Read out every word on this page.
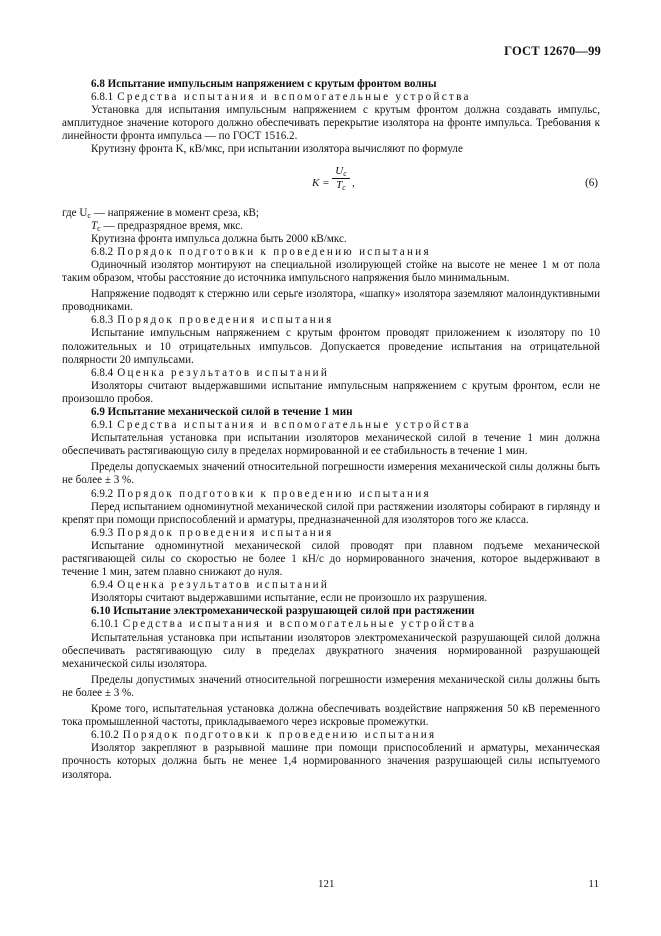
ГОСТ 12670—99

6.8 Испытание импульсным напряжением с крутым фронтом волны

6.8.1 Средства испытания и вспомогательные устройства

Установка для испытания импульсным напряжением с крутым фронтом должна создавать импульс, амплитудное значение которого должно обеспечивать перекрытие изолятора на фронте импульса. Требования к линейности фронта импульса — по ГОСТ 1516.2.

Крутизну фронта K, кВ/мкс, при испытании изолятора вычисляют по формуле

K =
$U_с$
$T_с$ ,	(6)

где $U_с$ — напряжение в момент среза, кВ;

$T_с$ — предразрядное время, мкс.

Крутизна фронта импульса должна быть 2000 кВ/мкс.

6.8.2 Порядок подготовки к проведению испытания

Одиночный изолятор монтируют на специальной изолирующей стойке на высоте не менее 1 м от пола таким образом, чтобы расстояние до источника импульсного напряжения было минимальным.

Напряжение подводят к стержню или серьге изолятора, «шапку» изолятора заземляют малоиндуктивными проводниками.

6.8.3 Порядок проведения испытания

Испытание импульсным напряжением с крутым фронтом проводят приложением к изолятору по 10 положительных и 10 отрицательных импульсов. Допускается проведение испытания на отрицательной полярности 20 импульсами.

6.8.4 Оценка результатов испытаний

Изоляторы считают выдержавшими испытание импульсным напряжением с крутым фронтом, если не произошло пробоя.

6.9 Испытание механической силой в течение 1 мин

6.9.1 Средства испытания и вспомогательные устройства

Испытательная установка при испытании изоляторов механической силой в течение 1 мин должна обеспечивать растягивающую силу в пределах нормированной и ее стабильность в течение 1 мин.

Пределы допускаемых значений относительной погрешности измерения механической силы должны быть не более ± 3 %.

6.9.2 Порядок подготовки к проведению испытания

Перед испытанием одноминутной механической силой при растяжении изоляторы собирают в гирлянду и крепят при помощи приспособлений и арматуры, предназначенной для изоляторов того же класса.

6.9.3 Порядок проведения испытания

Испытание одноминутной механической силой проводят при плавном подъеме механической растягивающей силы со скоростью не более 1 кН/с до нормированного значения, которое выдерживают в течение 1 мин, затем плавно снижают до нуля.

6.9.4 Оценка результатов испытаний

Изоляторы считают выдержавшими испытание, если не произошло их разрушения.

6.10 Испытание электромеханической разрушающей силой при растяжении

6.10.1 Средства испытания и вспомогательные устройства

Испытательная установка при испытании изоляторов электромеханической разрушающей силой должна обеспечивать растягивающую силу в пределах двукратного значения нормированной разрушающей механической силы изолятора.

Пределы допустимых значений относительной погрешности измерения механической силы должны быть не более ± 3 %.

Кроме того, испытательная установка должна обеспечивать воздействие напряжения 50 кВ переменного тока промышленной частоты, прикладываемого через искровые промежутки.

6.10.2 Порядок подготовки к проведению испытания

Изолятор закрепляют в разрывной машине при помощи приспособлений и арматуры, механическая прочность которых должна быть не менее 1,4 нормированного значения разрушающей силы испытуемого изолятора.

121	11
